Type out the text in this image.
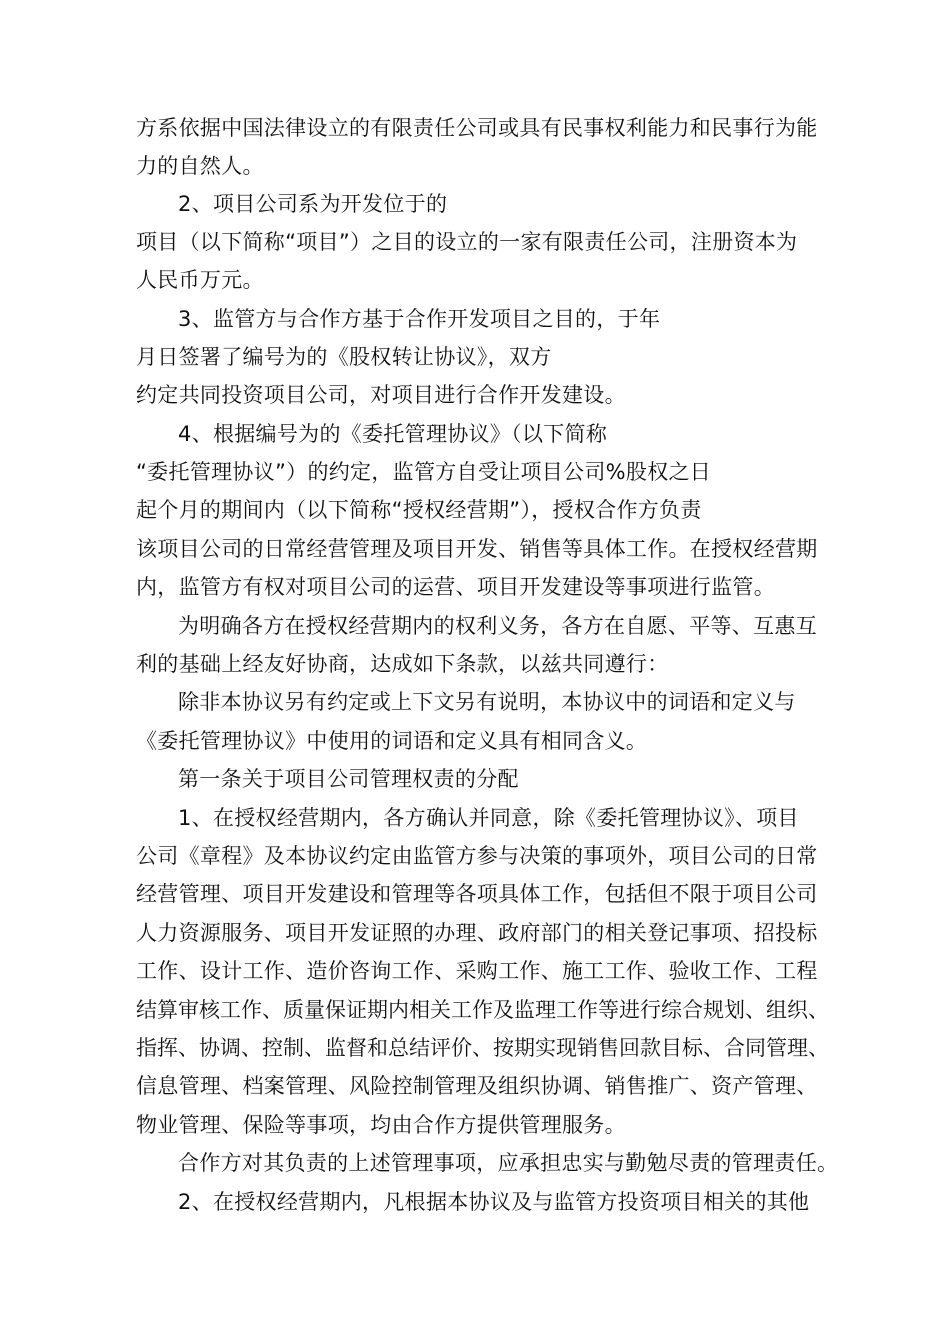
方系依据中国法律设立的有限责任公司或具有民事权利能力和民事行为能
力的自然人。
2、项目公司系为开发位于的
项目（以下简称“项目”）之目的设立的一家有限责任公司，注册资本为
人民币万元。
3、监管方与合作方基于合作开发项目之目的，于年
月日签署了编号为的《股权转让协议》，双方
约定共同投资项目公司，对项目进行合作开发建设。
4、根据编号为的《委托管理协议》（以下简称
“委托管理协议”）的约定，监管方自受让项目公司%股权之日
起个月的期间内（以下简称“授权经营期”），授权合作方负责
该项目公司的日常经营管理及项目开发、销售等具体工作。在授权经营期
内，监管方有权对项目公司的运营、项目开发建设等事项进行监管。
为明确各方在授权经营期内的权利义务，各方在自愿、平等、互惠互
利的基础上经友好协商，达成如下条款，以兹共同遵行：
除非本协议另有约定或上下文另有说明，本协议中的词语和定义与
《委托管理协议》中使用的词语和定义具有相同含义。
第一条关于项目公司管理权责的分配
1、在授权经营期内，各方确认并同意，除《委托管理协议》、项目
公司《章程》及本协议约定由监管方参与决策的事项外，项目公司的日常
经营管理、项目开发建设和管理等各项具体工作，包括但不限于项目公司
人力资源服务、项目开发证照的办理、政府部门的相关登记事项、招投标
工作、设计工作、造价咨询工作、采购工作、施工工作、验收工作、工程
结算审核工作、质量保证期内相关工作及监理工作等进行综合规划、组织、
指挥、协调、控制、监督和总结评价、按期实现销售回款目标、合同管理、
信息管理、档案管理、风险控制管理及组织协调、销售推广、资产管理、
物业管理、保险等事项，均由合作方提供管理服务。
合作方对其负责的上述管理事项，应承担忠实与勤勉尽责的管理责任。
2、在授权经营期内，凡根据本协议及与监管方投资项目相关的其他
